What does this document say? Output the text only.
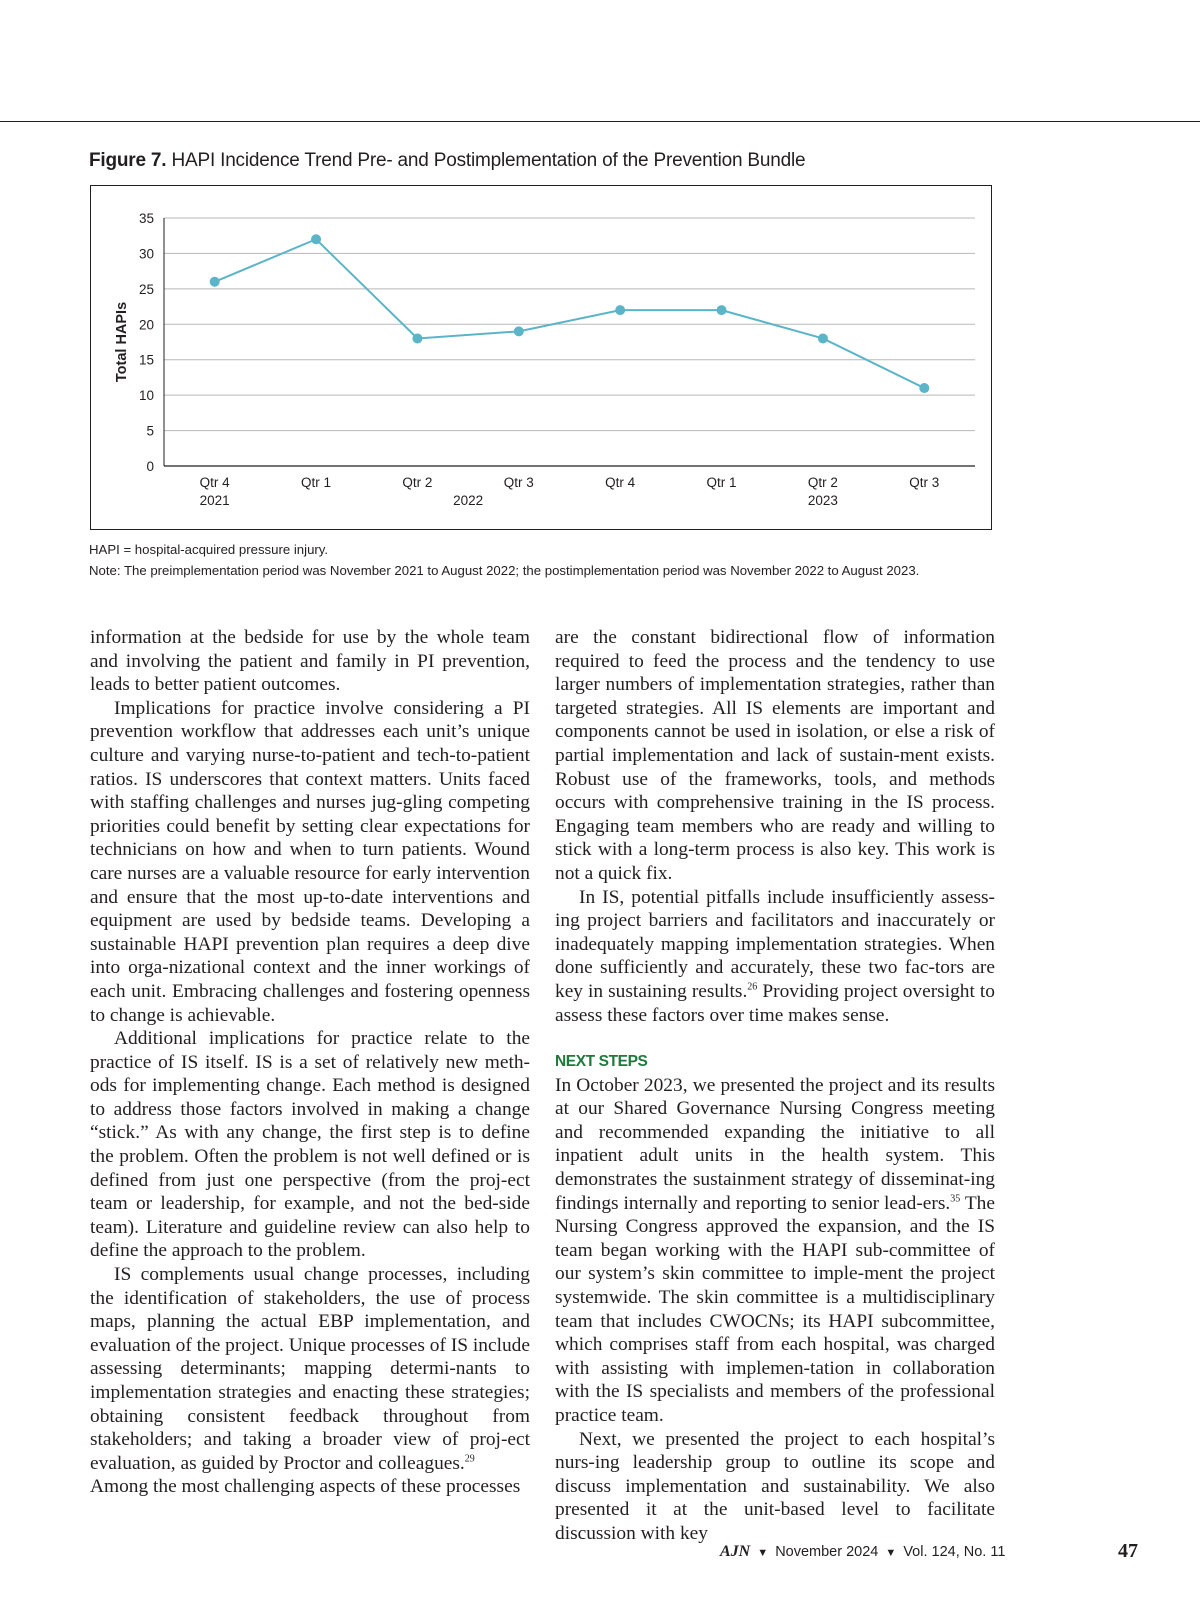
Figure 7. HAPI Incidence Trend Pre- and Postimplementation of the Prevention Bundle
0
5
10
15
20
25
30
35
Total HAPIs
Qtr 4	Qtr 1	Qtr 2	Qtr 3	Qtr 4	Qtr 1	Qtr 2	Qtr 3
2021	2022	2023
HAPI = hospital-acquired pressure injury.
Note: The preimplementation period was November 2021 to August 2022; the postimplementation period was November 2022 to August 2023.

information at the bedside for use by the whole team and involving the patient and family in PI prevention, leads to better patient outcomes.

Implications for practice involve considering a PI prevention workflow that addresses each unit’s unique culture and varying nurse-to-patient and tech-to-patient ratios. IS underscores that context matters. Units faced with staffing challenges and nurses jug-gling competing priorities could benefit by setting clear expectations for technicians on how and when to turn patients. Wound care nurses are a valuable resource for early intervention and ensure that the most up-to-date interventions and equipment are used by bedside teams. Developing a sustainable HAPI prevention plan requires a deep dive into orga-nizational context and the inner workings of each unit. Embracing challenges and fostering openness to change is achievable.

Additional implications for practice relate to the practice of IS itself. IS is a set of relatively new meth-ods for implementing change. Each method is designed to address those factors involved in making a change “stick.” As with any change, the first step is to define the problem. Often the problem is not well defined or is defined from just one perspective (from the proj-ect team or leadership, for example, and not the bed-side team). Literature and guideline review can also help to define the approach to the problem.

IS complements usual change processes, including the identification of stakeholders, the use of process maps, planning the actual EBP implementation, and evaluation of the project. Unique processes of IS include assessing determinants; mapping determi-nants to implementation strategies and enacting these strategies; obtaining consistent feedback throughout from stakeholders; and taking a broader view of proj-ect evaluation, as guided by Proctor and colleagues.$^{29}$

Among the most challenging aspects of these processes

are the constant bidirectional flow of information required to feed the process and the tendency to use larger numbers of implementation strategies, rather than targeted strategies. All IS elements are important and components cannot be used in isolation, or else a risk of partial implementation and lack of sustain-ment exists. Robust use of the frameworks, tools, and methods occurs with comprehensive training in the IS process. Engaging team members who are ready and willing to stick with a long-term process is also key. This work is not a quick fix.

In IS, potential pitfalls include insufficiently assess-ing project barriers and facilitators and inaccurately or inadequately mapping implementation strategies. When done sufficiently and accurately, these two fac-tors are key in sustaining results.$^{26}$ Providing project oversight to assess these factors over time makes sense.

NEXT STEPS

In October 2023, we presented the project and its results at our Shared Governance Nursing Congress meeting and recommended expanding the initiative to all inpatient adult units in the health system. This demonstrates the sustainment strategy of disseminat-ing findings internally and reporting to senior lead-ers.$^{35}$ The Nursing Congress approved the expansion, and the IS team began working with the HAPI sub-committee of our system’s skin committee to imple-ment the project systemwide. The skin committee is a multidisciplinary team that includes CWOCNs; its HAPI subcommittee, which comprises staff from each hospital, was charged with assisting with implemen-tation in collaboration with the IS specialists and members of the professional practice team.

Next, we presented the project to each hospital’s nurs-ing leadership group to outline its scope and discuss implementation and sustainability. We also presented it at the unit-based level to facilitate discussion with key

AJN ▼ November 2024 ▼ Vol. 124, No. 11	47
